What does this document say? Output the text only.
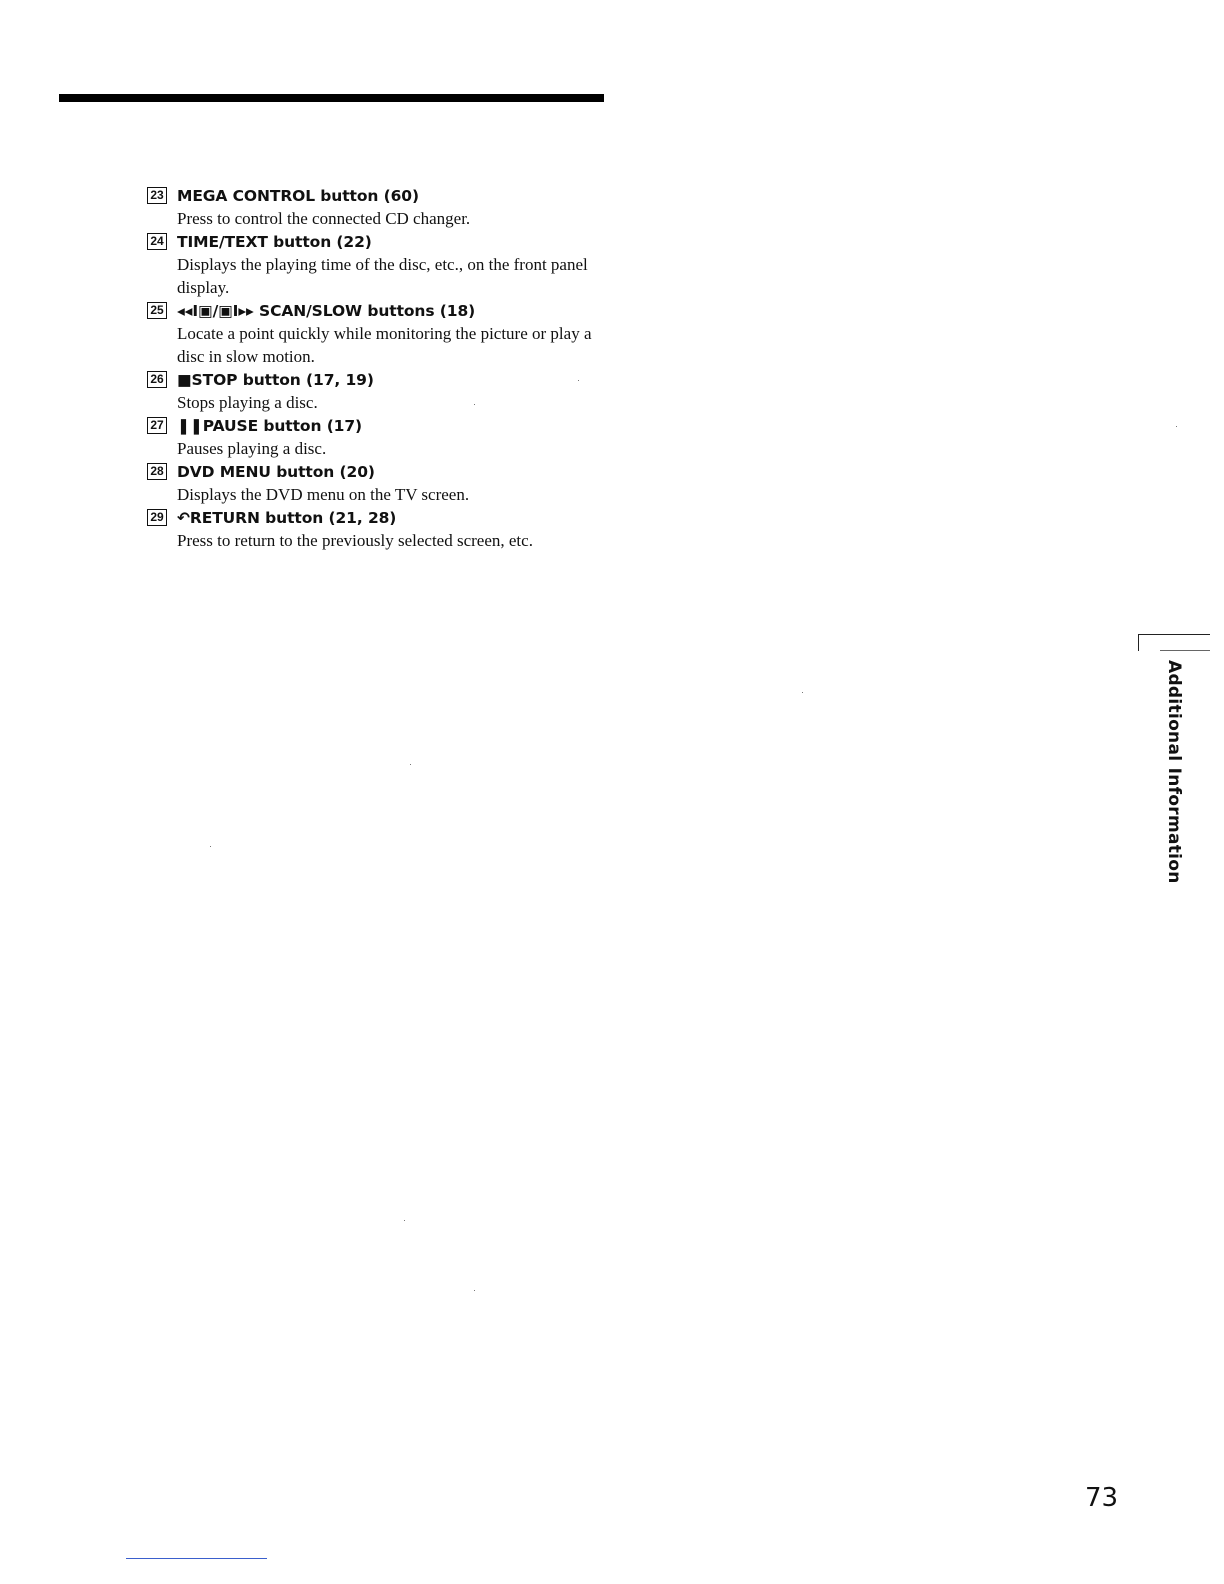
23 MEGA CONTROL button (60)
Press to control the connected CD changer.
24 TIME/TEXT button (22)
Displays the playing time of the disc, etc., on the front panel display.
25 ◂◂I▣/▣I▸▸ SCAN/SLOW buttons (18)
Locate a point quickly while monitoring the picture or play a disc in slow motion.
26 ■STOP button (17, 19)
Stops playing a disc.
27 ❚❚PAUSE button (17)
Pauses playing a disc.
28 DVD MENU button (20)
Displays the DVD menu on the TV screen.
29 ↶RETURN button (21, 28)
Press to return to the previously selected screen, etc.
Additional Information
73
